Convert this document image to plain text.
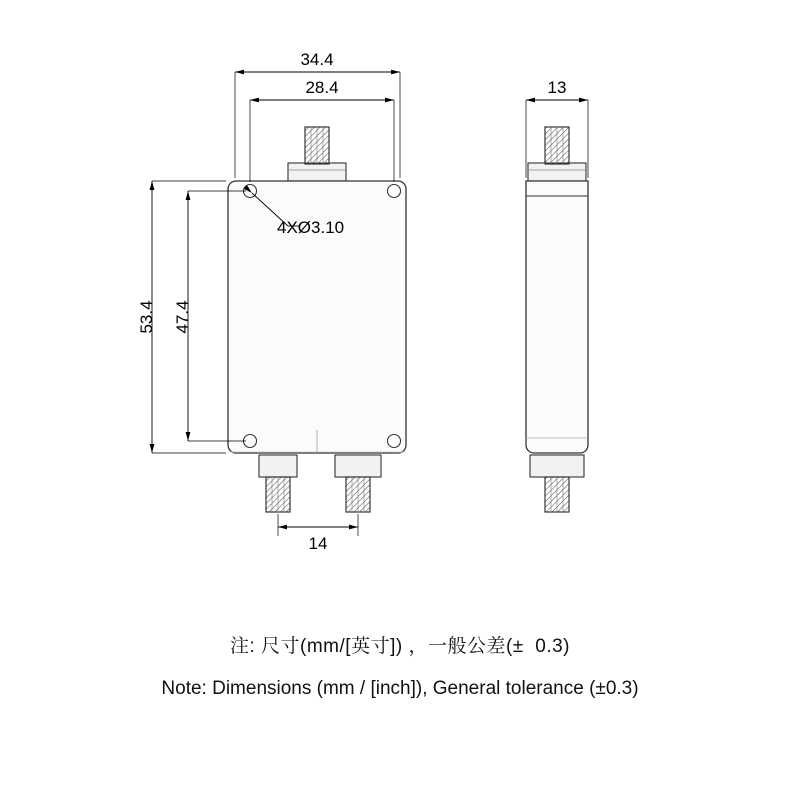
34.4
28.4
53.4 47.4
14
4XØ3.10
13
注: 尺寸(mm/[英寸]) ，一般公差(±  0.3)
Note: Dimensions (mm / [inch]), General tolerance (±0.3)
